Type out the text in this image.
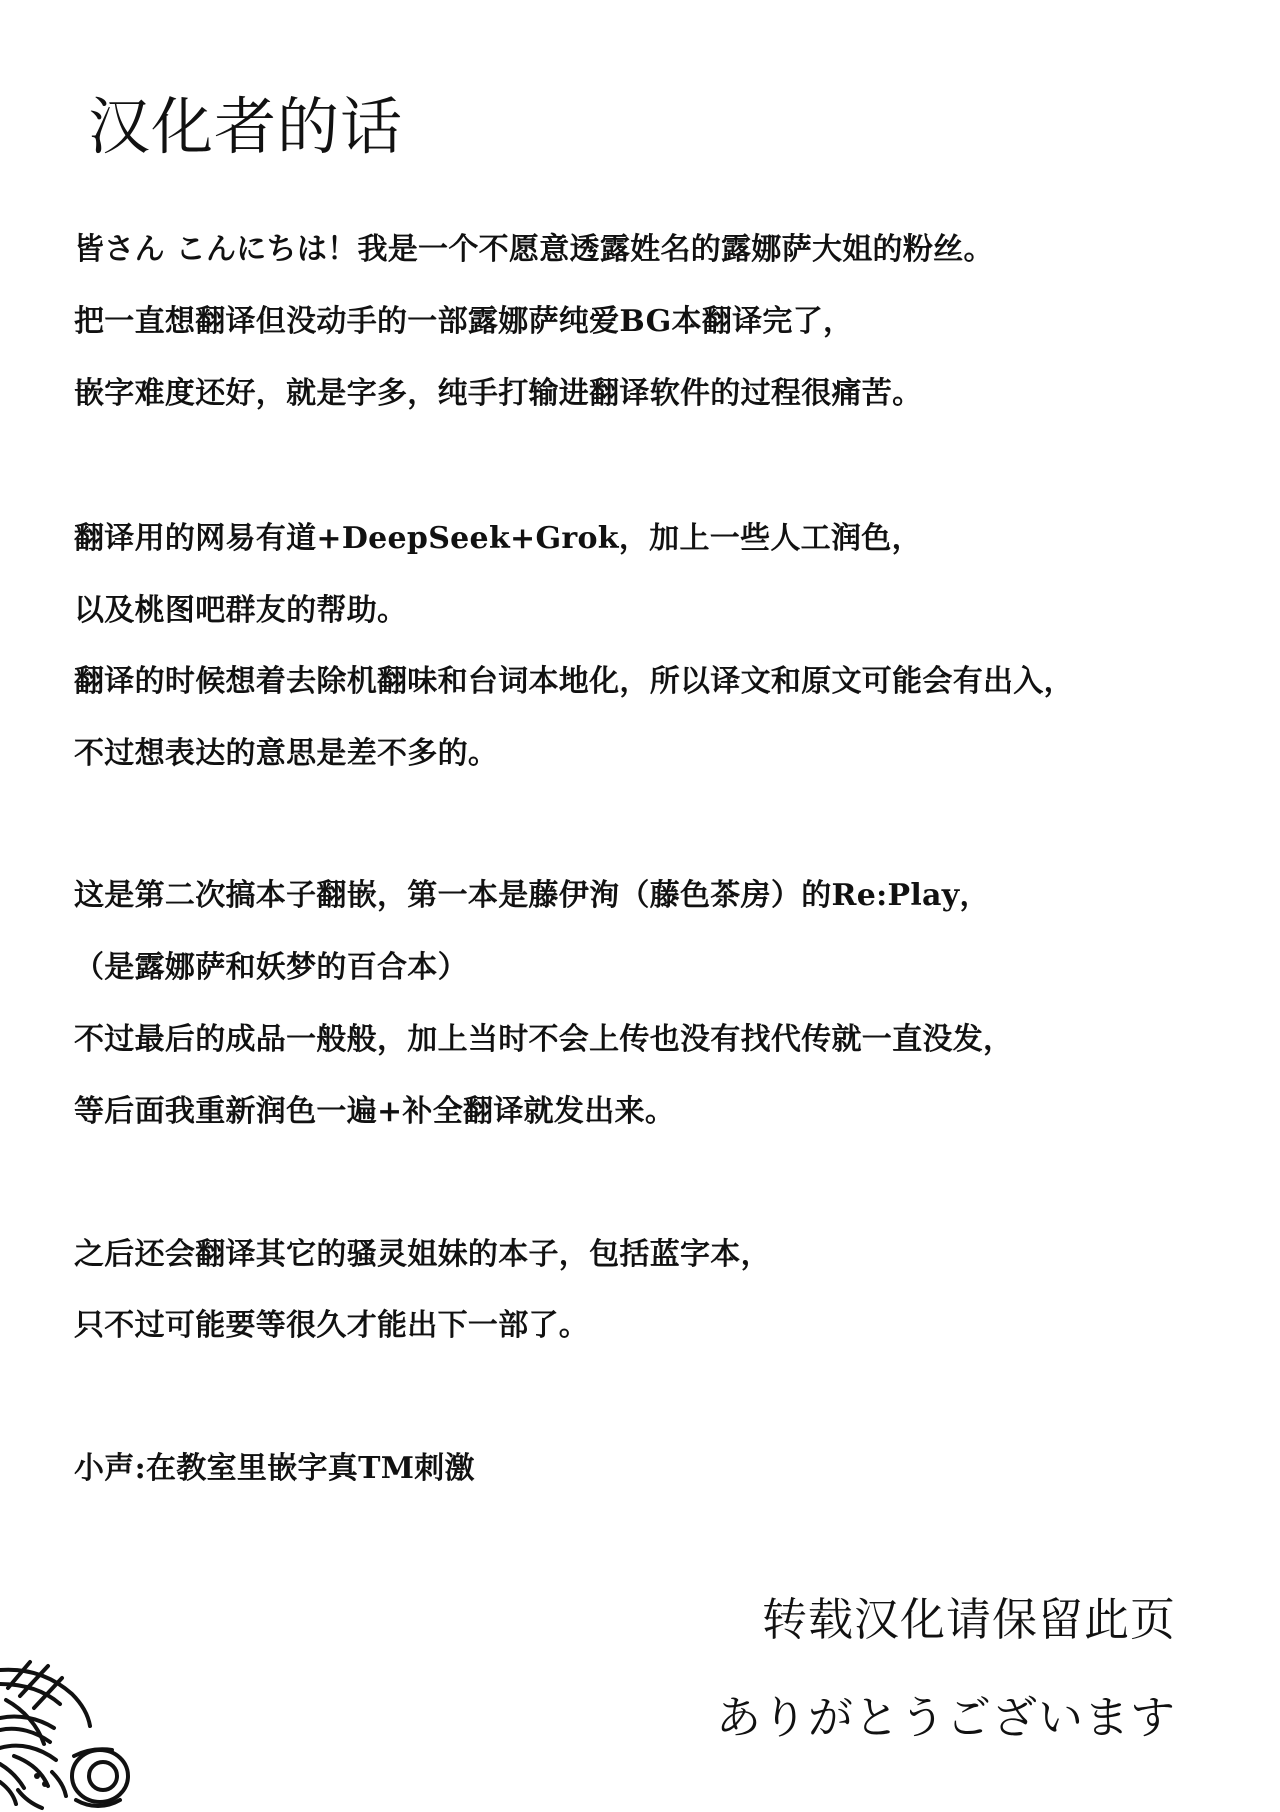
汉化者的话
皆さん こんにちは！我是一个不愿意透露姓名的露娜萨大姐的粉丝。
把一直想翻译但没动手的一部露娜萨纯爱BG本翻译完了，
嵌字难度还好，就是字多，纯手打输进翻译软件的过程很痛苦。
翻译用的网易有道+DeepSeek+Grok，加上一些人工润色，
以及桃图吧群友的帮助。
翻译的时候想着去除机翻味和台词本地化，所以译文和原文可能会有出入，
不过想表达的意思是差不多的。
这是第二次搞本子翻嵌，第一本是藤伊洵（藤色茶房）的Re:Play，
（是露娜萨和妖梦的百合本）
不过最后的成品一般般，加上当时不会上传也没有找代传就一直没发，
等后面我重新润色一遍+补全翻译就发出来。
之后还会翻译其它的骚灵姐妹的本子，包括蓝字本，
只不过可能要等很久才能出下一部了。
小声:在教室里嵌字真TM刺激
转载汉化请保留此页
ありがとうございます
